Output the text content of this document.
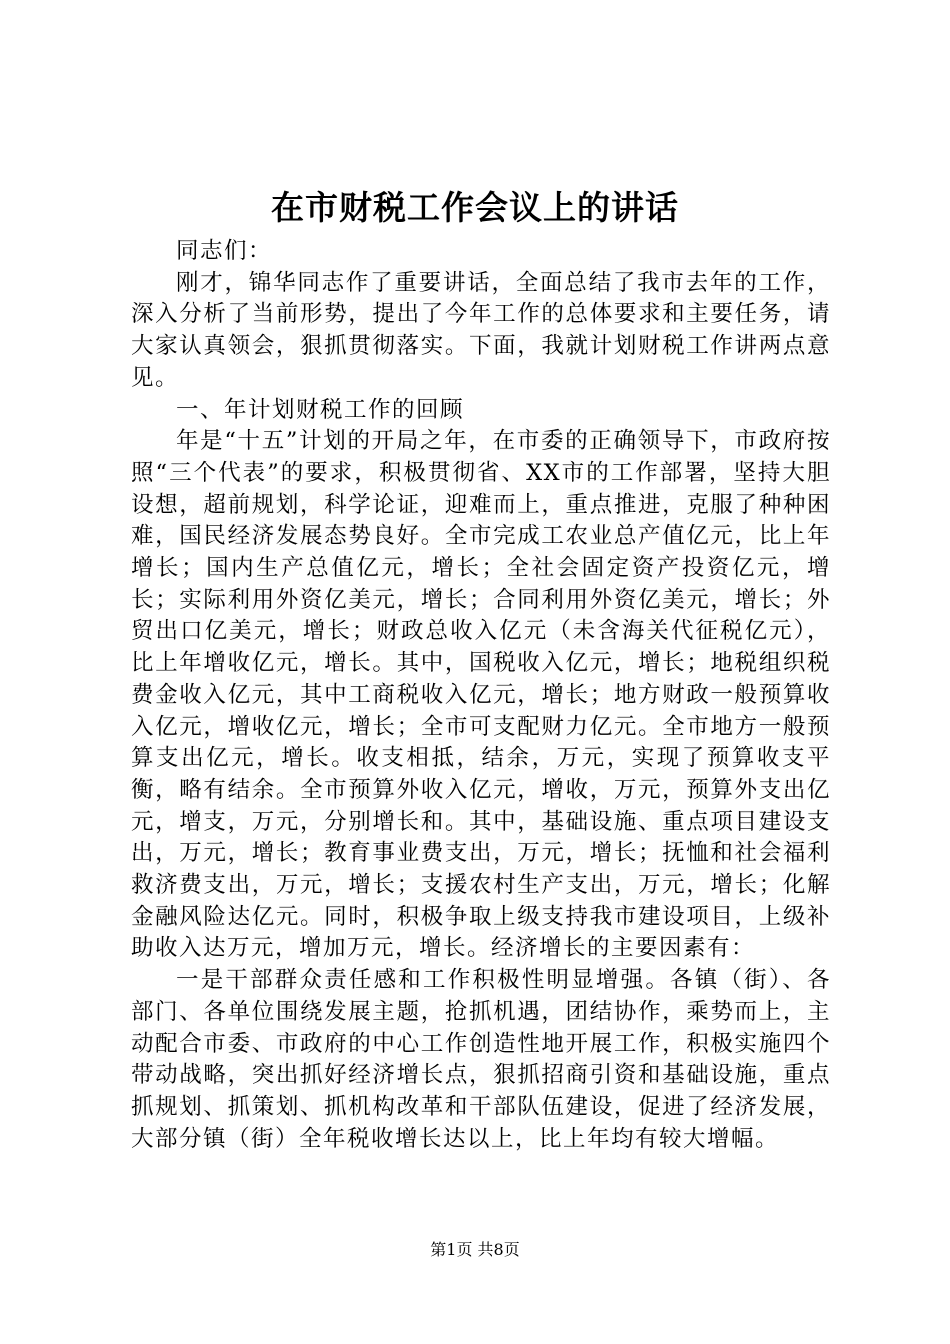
在市财税工作会议上的讲话

同志们：

刚才，锦华同志作了重要讲话，全面总结了我市去年的工作，深入分析了当前形势，提出了今年工作的总体要求和主要任务，请大家认真领会，狠抓贯彻落实。下面，我就计划财税工作讲两点意见。

一、年计划财税工作的回顾

年是“十五”计划的开局之年，在市委的正确领导下，市政府按照“三个代表”的要求，积极贯彻省、XX市的工作部署，坚持大胆设想，超前规划，科学论证，迎难而上，重点推进，克服了种种困难，国民经济发展态势良好。全市完成工农业总产值亿元，比上年增长；国内生产总值亿元，增长；全社会固定资产投资亿元，增长；实际利用外资亿美元，增长；合同利用外资亿美元，增长；外贸出口亿美元，增长；财政总收入亿元（未含海关代征税亿元），比上年增收亿元，增长。其中，国税收入亿元，增长；地税组织税费金收入亿元，其中工商税收入亿元，增长；地方财政一般预算收入亿元，增收亿元，增长；全市可支配财力亿元。全市地方一般预算支出亿元，增长。收支相抵，结余，万元，实现了预算收支平衡，略有结余。全市预算外收入亿元，增收，万元，预算外支出亿元，增支，万元，分别增长和。其中，基础设施、重点项目建设支出，万元，增长；教育事业费支出，万元，增长；抚恤和社会福利救济费支出，万元，增长；支援农村生产支出，万元，增长；化解金融风险达亿元。同时，积极争取上级支持我市建设项目，上级补助收入达万元，增加万元，增长。经济增长的主要因素有：

一是干部群众责任感和工作积极性明显增强。各镇（街）、各部门、各单位围绕发展主题，抢抓机遇，团结协作，乘势而上，主动配合市委、市政府的中心工作创造性地开展工作，积极实施四个带动战略，突出抓好经济增长点，狠抓招商引资和基础设施，重点抓规划、抓策划、抓机构改革和干部队伍建设，促进了经济发展，大部分镇（街）全年税收增长达以上，比上年均有较大增幅。

第1页 共8页
